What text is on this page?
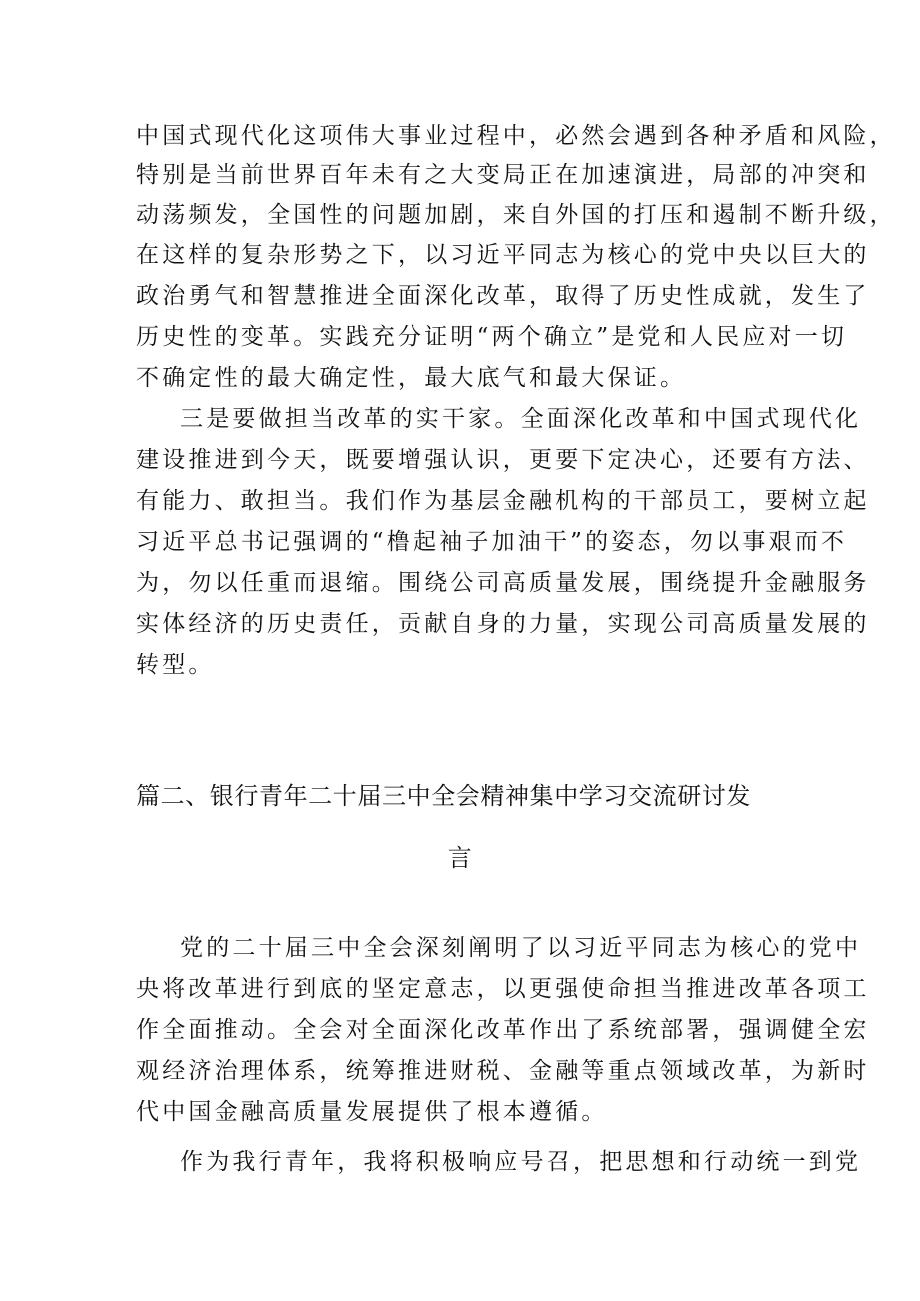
中国式现代化这项伟大事业过程中，必然会遇到各种矛盾和风险，
特别是当前世界百年未有之大变局正在加速演进，局部的冲突和
动荡频发，全国性的问题加剧，来自外国的打压和遏制不断升级，
在这样的复杂形势之下，以习近平同志为核心的党中央以巨大的
政治勇气和智慧推进全面深化改革，取得了历史性成就，发生了
历史性的变革。实践充分证明“两个确立”是党和人民应对一切
不确定性的最大确定性，最大底气和最大保证。
三是要做担当改革的实干家。全面深化改革和中国式现代化
建设推进到今天，既要增强认识，更要下定决心，还要有方法、
有能力、敢担当。我们作为基层金融机构的干部员工，要树立起
习近平总书记强调的“橹起袖子加油干”的姿态，勿以事艰而不
为，勿以任重而退缩。围绕公司高质量发展，围绕提升金融服务
实体经济的历史责任，贡献自身的力量，实现公司高质量发展的
转型。
篇二、银行青年二十届三中全会精神集中学习交流研讨发
言
党的二十届三中全会深刻阐明了以习近平同志为核心的党中
央将改革进行到底的坚定意志，以更强使命担当推进改革各项工
作全面推动。全会对全面深化改革作出了系统部署，强调健全宏
观经济治理体系，统筹推进财税、金融等重点领域改革，为新时
代中国金融高质量发展提供了根本遵循。
作为我行青年，我将积极响应号召，把思想和行动统一到党
